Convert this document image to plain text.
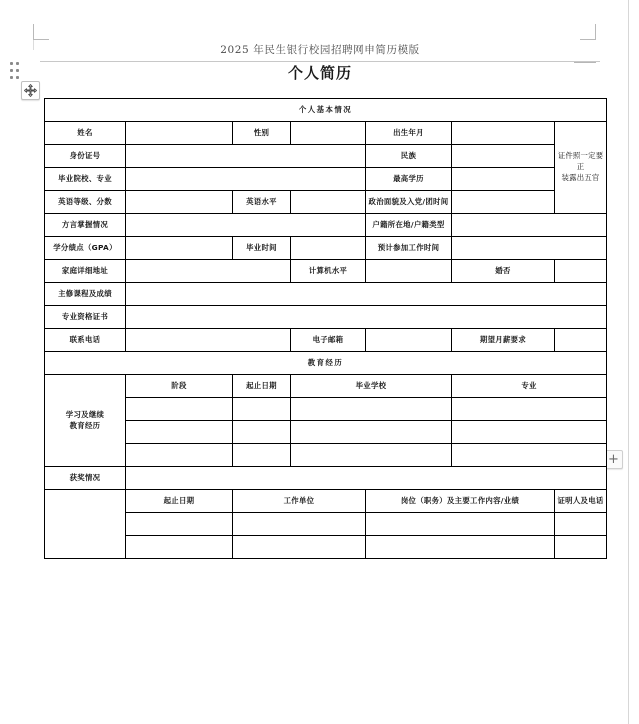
+
2025 年民生银行校园招聘网申简历模版
个人简历
个人基本情况						
姓名		性别		出生年月		证件照一定要正
装露出五官

身份证号				民族		
毕业院校、专业				最高学历		
英语等级、分数		英语水平		政治面貌及入党/团时间		
方言掌握情况				户籍所在地/户籍类型		
学分绩点（GPA）		毕业时间		预计参加工作时间		
家庭详细地址			计算机水平		婚否	
主修课程及成绩						
专业资格证书						
联系电话			电子邮箱		期望月薪要求	
教育经历						

学习及继续
教育经历	阶段	起止日期	毕业学校		专业	

获奖情况						
	起止日期	工作单位		岗位（职务）及主要工作内容/业绩		证明人及电话
